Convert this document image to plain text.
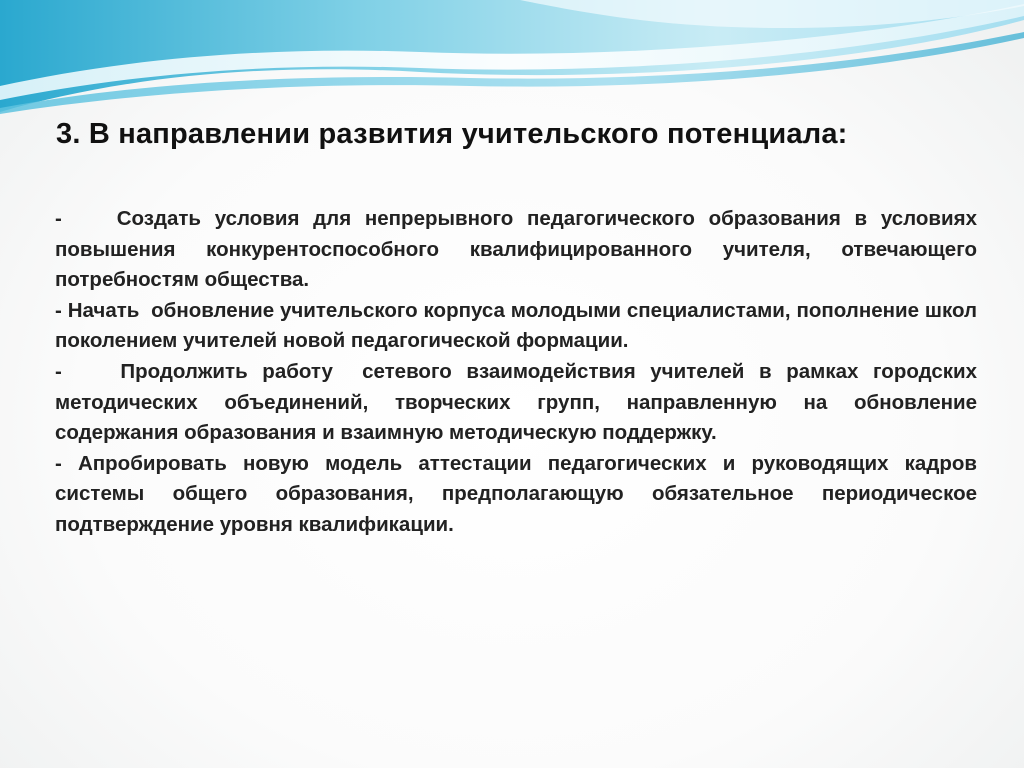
3. В направлении развития учительского потенциала:

-    Создать условия для непрерывного педагогического образования в условиях повышения конкурентоспособного квалифицированного учителя, отвечающего потребностям общества.

- Начать  обновление учительского корпуса молодыми специалистами, пополнение школ   поколением учителей новой педагогической формации.

-    Продолжить работу  сетевого взаимодействия учителей в рамках городских методических объединений, творческих групп, направленную на обновление содержания образования и взаимную методическую поддержку.

- Апробировать новую модель аттестации педагогических и руководящих кадров системы общего образования, предполагающую обязательное периодическое подтверждение уровня квалификации.
